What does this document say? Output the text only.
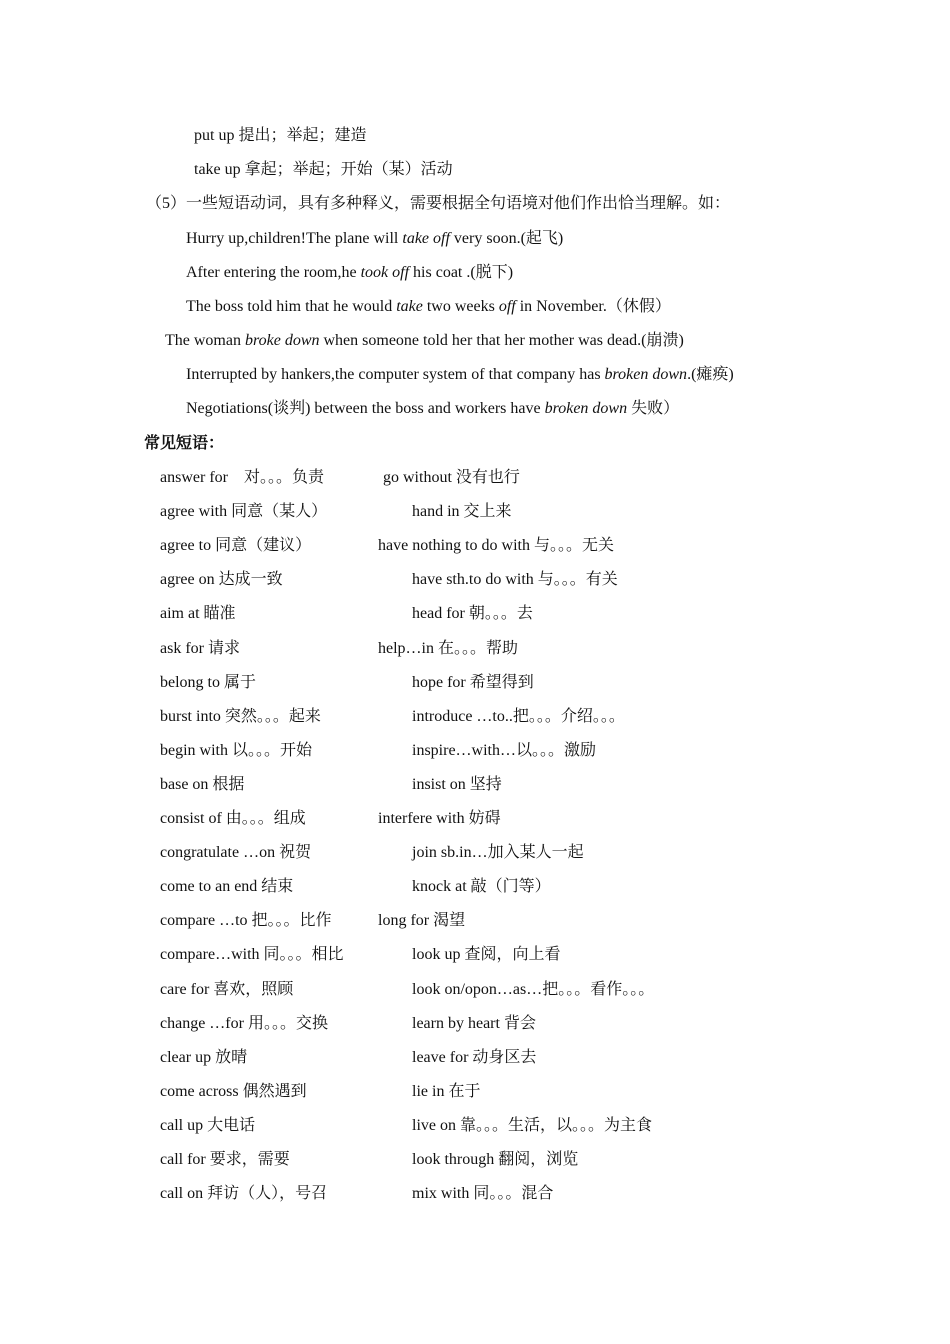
put up 提出；举起；建造
take up 拿起；举起；开始（某）活动
（5）一些短语动词，具有多种释义，需要根据全句语境对他们作出恰当理解。如：
Hurry up,children!The plane will take off very soon.(起飞)
After entering the room,he took off his coat .(脱下)
The boss told him that he would take two weeks off in November.（休假）
The woman broke down when someone told her that her mother was dead.(崩溃)
Interrupted by hankers,the computer system of that company has broken down.(瘫痪)
Negotiations(谈判) between the boss and workers have broken down 失败）
常见短语：
answer for　对。。。负责	go without 没有也行
agree with 同意（某人）	hand in 交上来
agree to 同意（建议）	have nothing to do with 与。。。无关
agree on 达成一致	have sth.to do with 与。。。有关
aim at 瞄准	head for 朝。。。去
ask for 请求	help…in 在。。。帮助
belong to 属于	hope for 希望得到
burst into 突然。。。起来	introduce …to..把。。。介绍。。。
begin with 以。。。开始	inspire…with…以。。。激励
base on 根据	insist on 坚持
consist of 由。。。组成	interfere with 妨碍
congratulate …on 祝贺	join sb.in…加入某人一起
come to an end 结束	knock at 敲（门等）
compare …to 把。。。比作	long for 渴望
compare…with 同。。。相比	look up 查阅，向上看
care for 喜欢，照顾	look on/opon…as…把。。。看作。。。
change …for 用。。。交换	learn by heart 背会
clear up 放晴	leave for 动身区去
come across 偶然遇到	lie in 在于
call up 大电话	live on 靠。。。生活，以。。。为主食
call for 要求，需要	look through 翻阅，浏览
call on 拜访（人），号召	mix with 同。。。混合
